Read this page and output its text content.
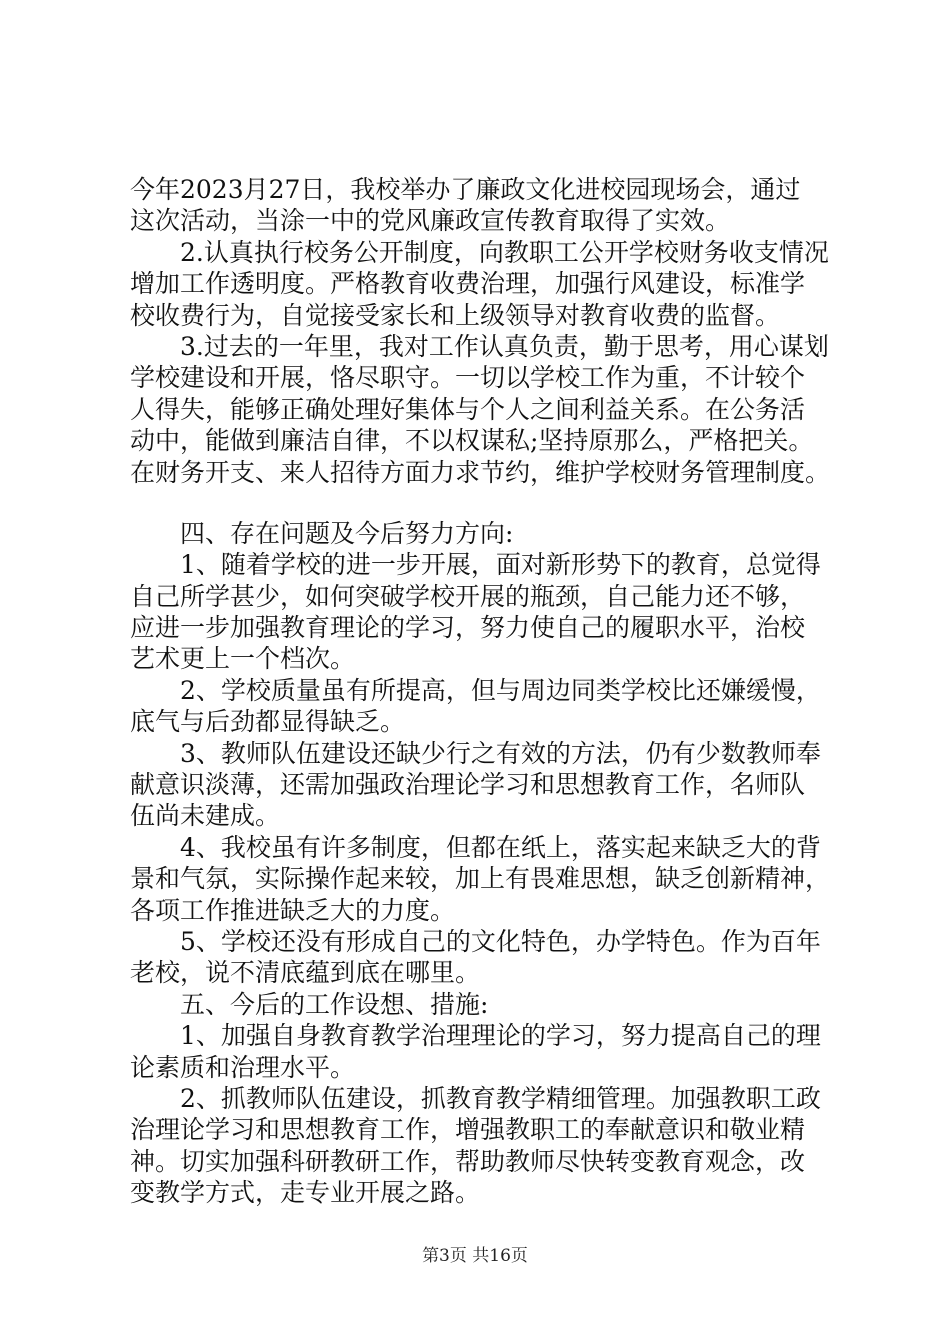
今年2023月27日，我校举办了廉政文化进校园现场会，通过
这次活动，当涂一中的党风廉政宣传教育取得了实效。
2.认真执行校务公开制度，向教职工公开学校财务收支情况
增加工作透明度。严格教育收费治理，加强行风建设，标准学
校收费行为，自觉接受家长和上级领导对教育收费的监督。
3.过去的一年里，我对工作认真负责，勤于思考，用心谋划
学校建设和开展，恪尽职守。一切以学校工作为重，不计较个
人得失，能够正确处理好集体与个人之间利益关系。在公务活
动中，能做到廉洁自律，不以权谋私;坚持原那么，严格把关。
在财务开支、来人招待方面力求节约，维护学校财务管理制度。
四、存在问题及今后努力方向:
1、随着学校的进一步开展，面对新形势下的教育，总觉得
自己所学甚少，如何突破学校开展的瓶颈，自己能力还不够，
应进一步加强教育理论的学习，努力使自己的履职水平，治校
艺术更上一个档次。
2、学校质量虽有所提高，但与周边同类学校比还嫌缓慢，
底气与后劲都显得缺乏。
3、教师队伍建设还缺少行之有效的方法，仍有少数教师奉
献意识淡薄，还需加强政治理论学习和思想教育工作，名师队
伍尚未建成。
4、我校虽有许多制度，但都在纸上，落实起来缺乏大的背
景和气氛，实际操作起来较，加上有畏难思想，缺乏创新精神，
各项工作推进缺乏大的力度。
5、学校还没有形成自己的文化特色，办学特色。作为百年
老校，说不清底蕴到底在哪里。
五、今后的工作设想、措施:
1、加强自身教育教学治理理论的学习，努力提高自己的理
论素质和治理水平。
2、抓教师队伍建设，抓教育教学精细管理。加强教职工政
治理论学习和思想教育工作，增强教职工的奉献意识和敬业精
神。切实加强科研教研工作，帮助教师尽快转变教育观念，改
变教学方式，走专业开展之路。
第3页 共16页
